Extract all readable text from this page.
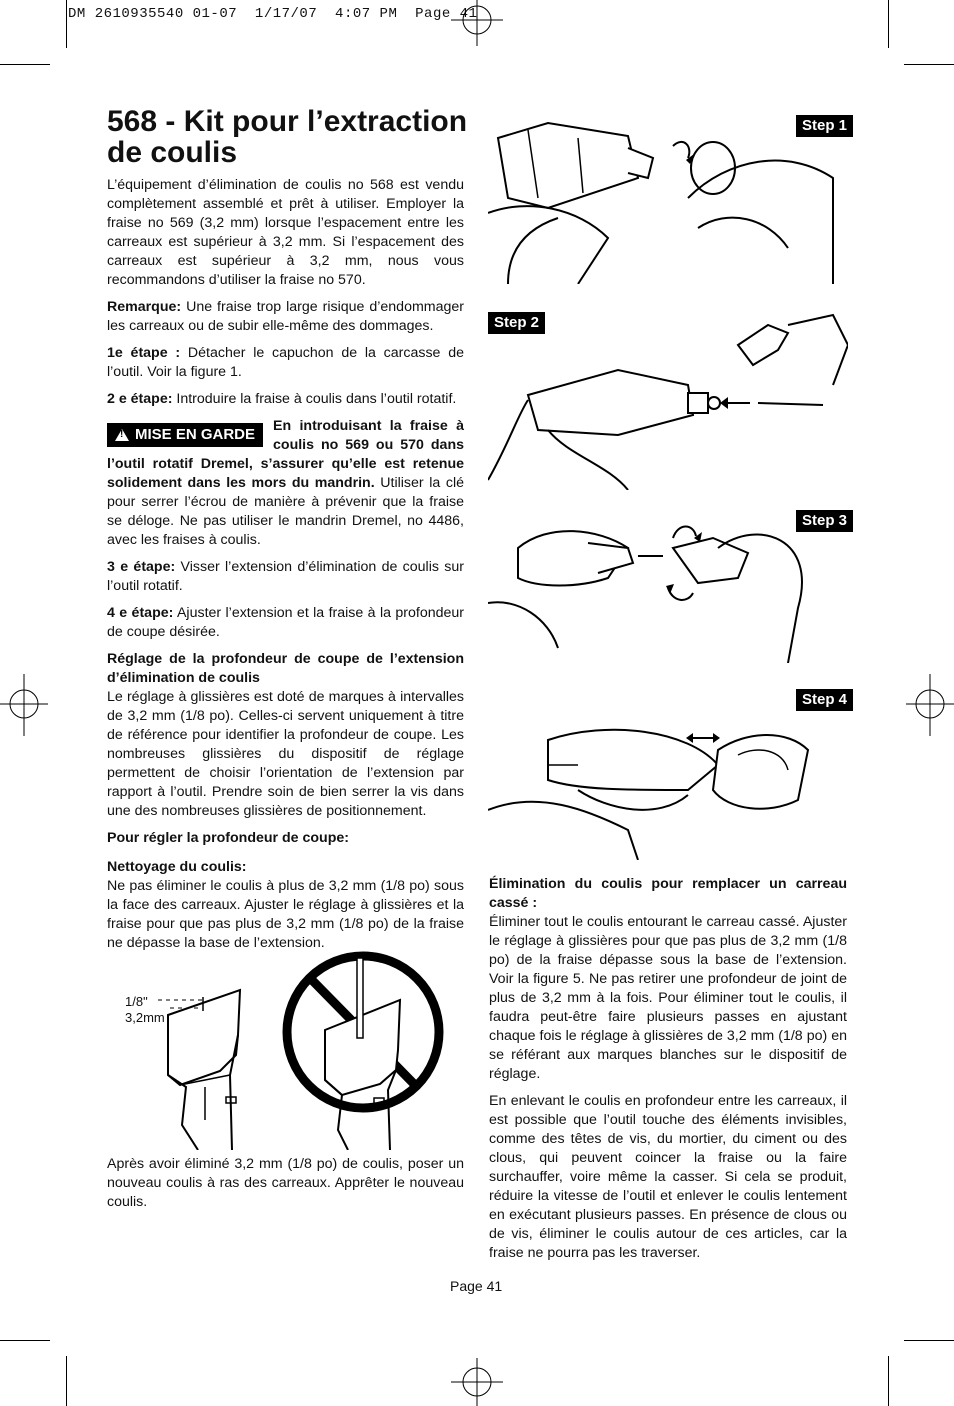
DM 2610935540 01-07  1/17/07  4:07 PM  Page 41
568 - Kit pour l’extraction de coulis

L’équipement d’élimination de coulis no 568 est vendu complètement assemblé et prêt à utiliser. Employer la fraise no 569 (3,2 mm) lorsque l’espacement entre les carreaux est supérieur à 3,2 mm. Si l’espacement des carreaux est supérieur à 3,2 mm, nous vous recommandons d’utiliser la fraise no 570.

Remarque: Une fraise trop large risique d’endommager les carreaux ou de subir elle-même des dommages.

1e étape : Détacher le capuchon de la carcasse de l’outil. Voir la figure 1.

2 e étape: Introduire la fraise à coulis dans l’outil rotatif.

!
MISE EN GARDE En introduisant la fraise à coulis no 569 ou 570 dans l’outil rotatif Dremel, s’assurer qu’elle est retenue solidement dans les mors du mandrin. Utiliser la clé pour serrer l’écrou de manière à prévenir que la fraise se déloge. Ne pas utiliser le mandrin Dremel, no 4486, avec les fraises à coulis.

3 e étape: Visser l’extension d’élimination de coulis sur l’outil rotatif.

4 e étape: Ajuster l’extension et la fraise à la profondeur de coupe désirée.

Réglage de la profondeur de coupe de l’extension d’élimination de coulis

Le réglage à glissières est doté de marques à intervalles de 3,2 mm (1/8 po). Celles-ci servent uniquement à titre de référence pour identifier la profondeur de coupe. Les nombreuses glissières du dispositif de réglage permettent de choisir l’orientation de l’extension par rapport à l’outil. Prendre soin de bien serrer la vis dans une des nombreuses glissières de positionnement.

Pour régler la profondeur de coupe:

Nettoyage du coulis:

Ne pas éliminer le coulis à plus de 3,2 mm (1/8 po) sous la face des carreaux. Ajuster le réglage à glissières et la fraise pour que pas plus de 3,2 mm (1/8 po) de la fraise ne dépasse la base de l’extension.

1/8"
3,2mm
Après avoir éliminé 3,2 mm (1/8 po) de coulis, poser un nouveau coulis à ras des carreaux. Apprêter le nouveau coulis.
Step 1
Step 2
Step 3
Step 4

Élimination du coulis pour remplacer un carreau cassé :

Éliminer tout le coulis entourant le carreau cassé. Ajuster le réglage à glissières pour que pas plus de 3,2 mm (1/8 po) de la fraise dépasse sous la base de l’extension. Voir la figure 5. Ne pas retirer une profondeur de joint de plus de 3,2 mm à la fois. Pour éliminer tout le coulis, il faudra peut-être faire plusieurs passes en ajustant chaque fois le réglage à glissières de 3,2 mm (1/8 po) en se référant aux marques blanches sur le dispositif de réglage.

En enlevant le coulis en profondeur entre les carreaux, il est possible que l’outil touche des éléments invisibles, comme des têtes de vis, du mortier, du ciment ou des clous, qui peuvent coincer la fraise ou la faire surchauffer, voire même la casser. Si cela se produit, réduire la vitesse de l’outil et enlever le coulis lentement en exécutant plusieurs passes. En présence de clous ou de vis, éliminer le coulis autour de ces articles, car la fraise ne pourra pas les traverser.

Page 41
